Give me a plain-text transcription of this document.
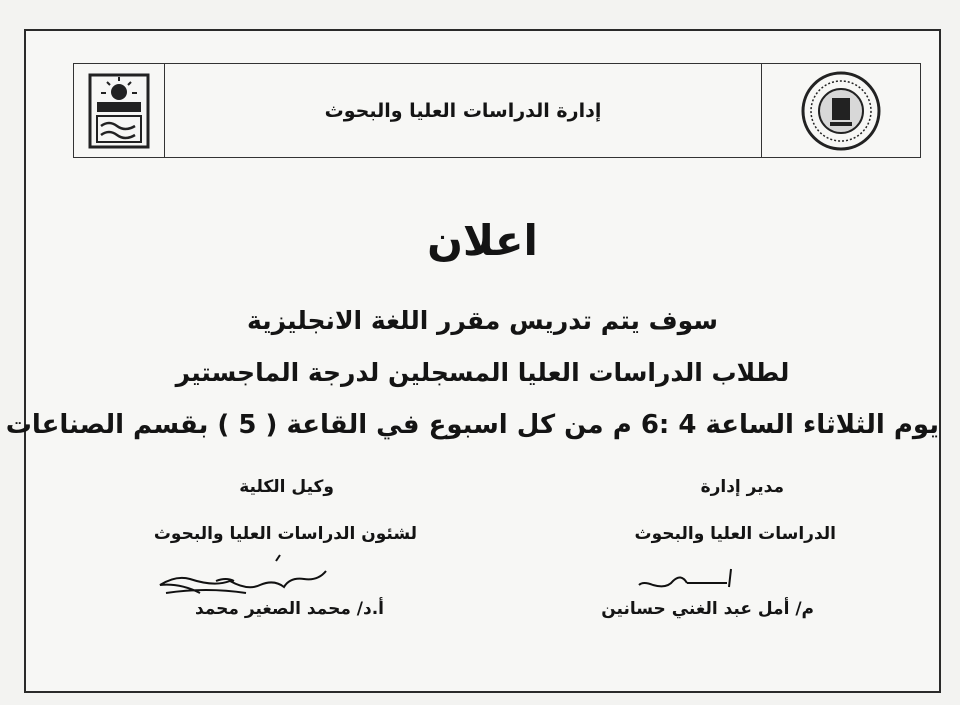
إدارة الدراسات العليا والبحوث
اعلان
سوف يتم تدريس مقرر اللغة الانجليزية
لطلاب الدراسات العليا المسجلين لدرجة الماجستير
يوم الثلاثاء الساعة 4 :6 م من كل اسبوع في القاعة ( 5 ) بقسم الصناعات
مدير إدارة
الدراسات العليا والبحوث
م/ أمل عبد الغني حسانين
وكيل الكلية
لشئون الدراسات العليا والبحوث
أ.د/ محمد الصغير محمد
